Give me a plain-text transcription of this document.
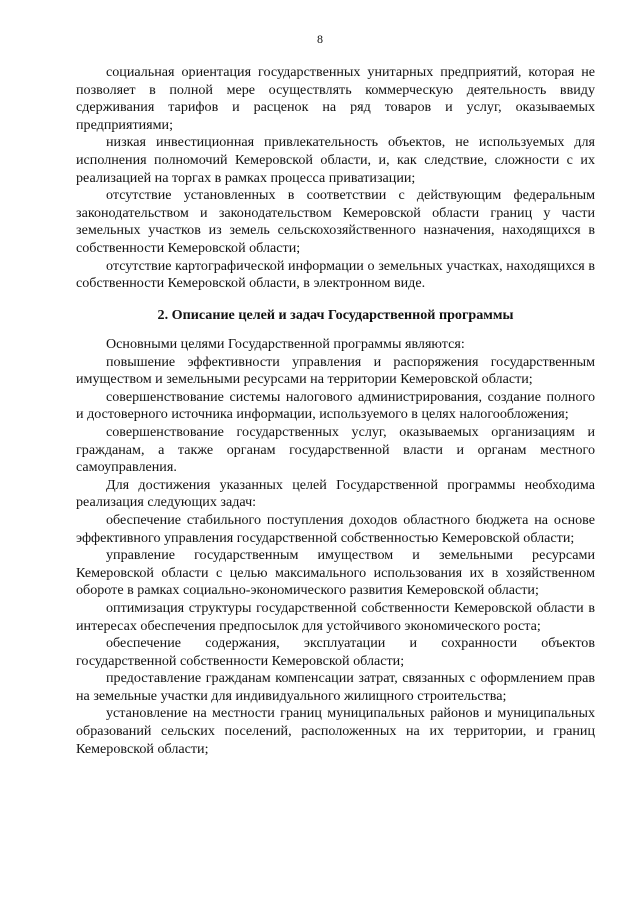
8

социальная ориентация государственных унитарных предприятий, которая не позволяет в полной мере осуществлять коммерческую деятельность ввиду сдерживания тарифов и расценок на ряд товаров и услуг, оказываемых предприятиями;

низкая инвестиционная привлекательность объектов, не используемых для исполнения полномочий Кемеровской области, и, как следствие, сложности с их реализацией на торгах в рамках процесса приватизации;

отсутствие установленных в соответствии с действующим федеральным законодательством и законодательством Кемеровской области границ у части земельных участков из земель сельскохозяйственного назначения, находящихся в собственности Кемеровской области;

отсутствие картографической информации о земельных участках, находящихся в собственности Кемеровской области, в электронном виде.

2. Описание целей и задач Государственной программы

Основными целями Государственной программы являются:

повышение эффективности управления и распоряжения государственным имуществом и земельными ресурсами на территории Кемеровской области;

совершенствование системы налогового администрирования, создание полного и достоверного источника информации, используемого в целях налогообложения;

совершенствование государственных услуг, оказываемых организациям и гражданам, а также органам государственной власти и органам местного самоуправления.

Для достижения указанных целей Государственной программы необходима реализация следующих задач:

обеспечение стабильного поступления доходов областного бюджета на основе эффективного управления государственной собственностью Кемеровской области;

управление государственным имуществом и земельными ресурсами Кемеровской области с целью максимального использования их в хозяйственном обороте в рамках социально-экономического развития Кемеровской области;

оптимизация структуры государственной собственности Кемеровской области в интересах обеспечения предпосылок для устойчивого экономического роста;

обеспечение содержания, эксплуатации и сохранности объектов государственной собственности Кемеровской области;

предоставление гражданам компенсации затрат, связанных с оформлением прав на земельные участки для индивидуального жилищного строительства;

установление на местности границ муниципальных районов и муниципальных образований сельских поселений, расположенных на их территории, и границ Кемеровской области;
